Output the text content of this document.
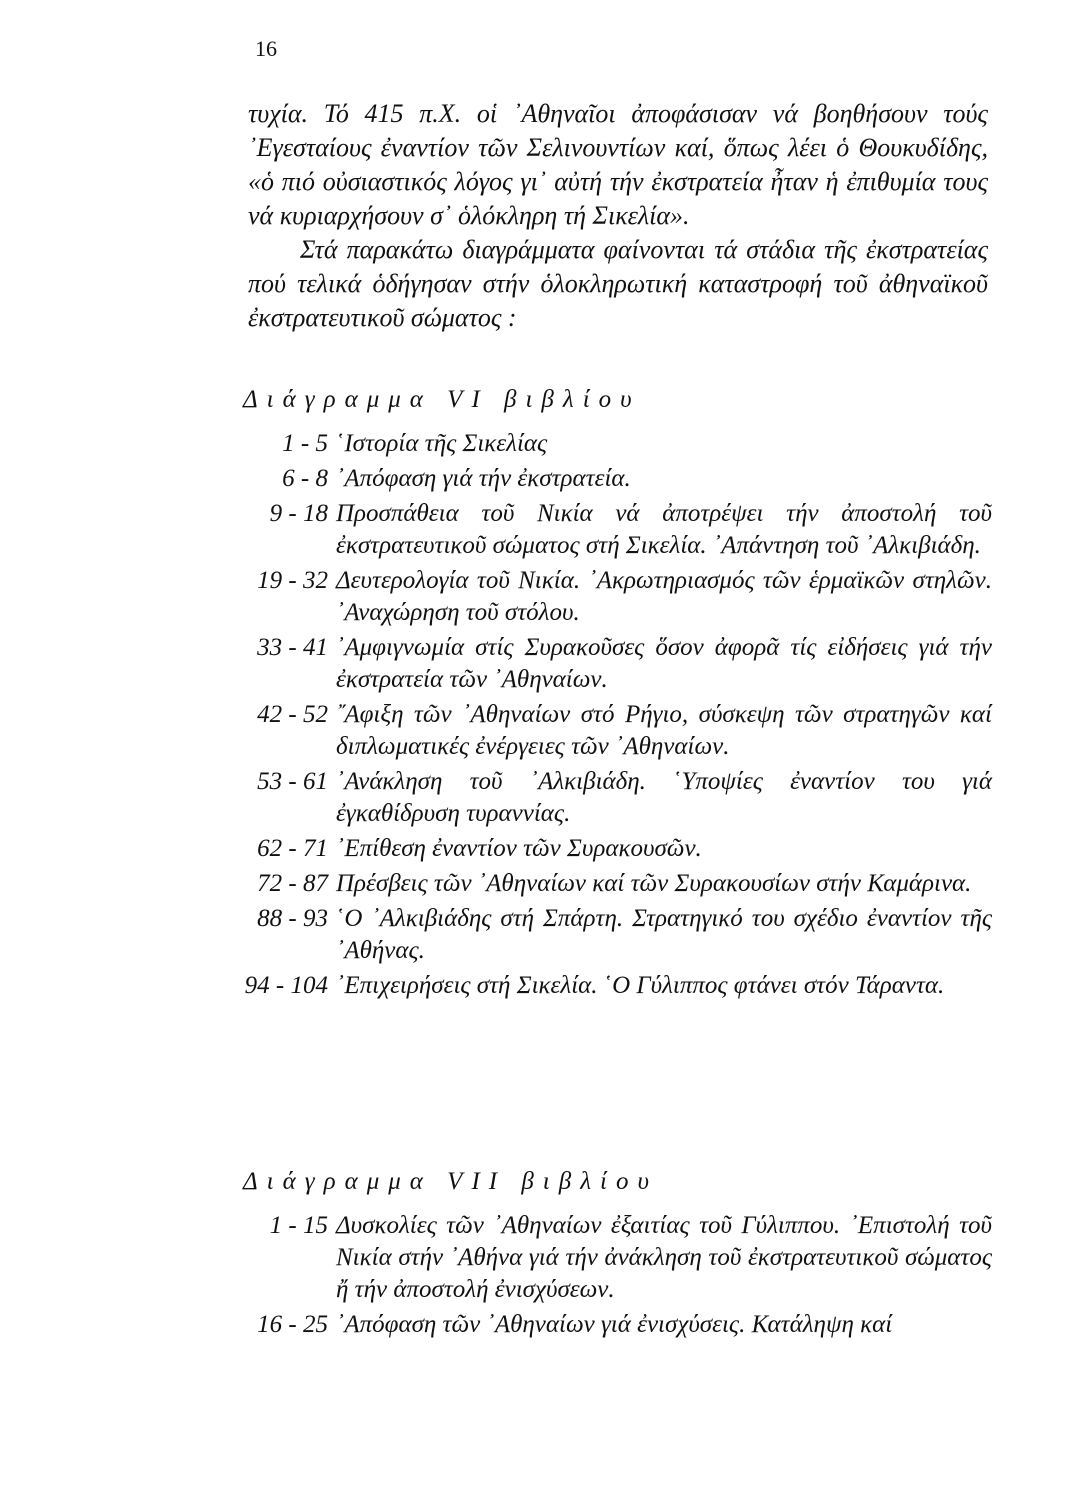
16

τυχία. Τό 415 π.Χ. οἱ ᾿Αθηναῖοι ἀποφάσισαν νά βοηθήσουν τούς ᾿Εγεσταίους ἐναντίον τῶν Σελινουντίων καί, ὅπως λέει ὁ Θουκυδίδης, «ὁ πιό οὐσιαστικός λόγος γι᾿ αὐτή τήν ἐκστρατεία ἦταν ἡ ἐπιθυμία τους νά κυριαρχήσουν σ᾿ ὁλόκληρη τή Σικελία».

Στά παρακάτω διαγράμματα φαίνονται τά στάδια τῆς ἐκστρατείας πού τελικά ὁδήγησαν στήν ὁλοκληρωτική καταστροφή τοῦ ἀθηναϊκοῦ ἐκστρατευτικοῦ σώματος :

Διάγραμμα VI βιβλίου
1 - 5 ῾Ιστορία τῆς Σικελίας
6 - 8 ᾿Απόφαση γιά τήν ἐκστρατεία.
9 - 18 Προσπάθεια τοῦ Νικία νά ἀποτρέψει τήν ἀποστολή τοῦ ἐκστρατευτικοῦ σώματος στή Σικελία. ᾿Απάντηση τοῦ ᾿Αλκιβιάδη.
19 - 32 Δευτερολογία τοῦ Νικία. ᾿Ακρωτηριασμός τῶν ἑρμαϊκῶν στηλῶν. ᾿Αναχώρηση τοῦ στόλου.
33 - 41 ᾿Αμφιγνωμία στίς Συρακοῦσες ὅσον ἀφορᾶ τίς εἰδήσεις γιά τήν ἐκστρατεία τῶν ᾿Αθηναίων.
42 - 52 ῎Αφιξη τῶν ᾿Αθηναίων στό Ρήγιο, σύσκεψη τῶν στρατηγῶν καί διπλωματικές ἐνέργειες τῶν ᾿Αθηναίων.
53 - 61 ᾿Ανάκληση τοῦ ᾿Αλκιβιάδη. ῾Υποψίες ἐναντίον του γιά ἐγκαθίδρυση τυραννίας.
62 - 71 ᾿Επίθεση ἐναντίον τῶν Συρακουσῶν.
72 - 87 Πρέσβεις τῶν ᾿Αθηναίων καί τῶν Συρακουσίων στήν Καμάρινα.
88 - 93 ῾Ο ᾿Αλκιβιάδης στή Σπάρτη. Στρατηγικό του σχέδιο ἐναντίον τῆς ᾿Αθήνας.
94 - 104 ᾿Επιχειρήσεις στή Σικελία. ῾Ο Γύλιππος φτάνει στόν Τάραντα.
Διάγραμμα VII βιβλίου
1 - 15 Δυσκολίες τῶν ᾿Αθηναίων ἐξαιτίας τοῦ Γύλιππου. ᾿Επιστολή τοῦ Νικία στήν ᾿Αθήνα γιά τήν ἀνάκληση τοῦ ἐκστρατευτικοῦ σώματος ἤ τήν ἀποστολή ἐνισχύσεων.
16 - 25 ᾿Απόφαση τῶν ᾿Αθηναίων γιά ἐνισχύσεις. Κατάληψη καί
